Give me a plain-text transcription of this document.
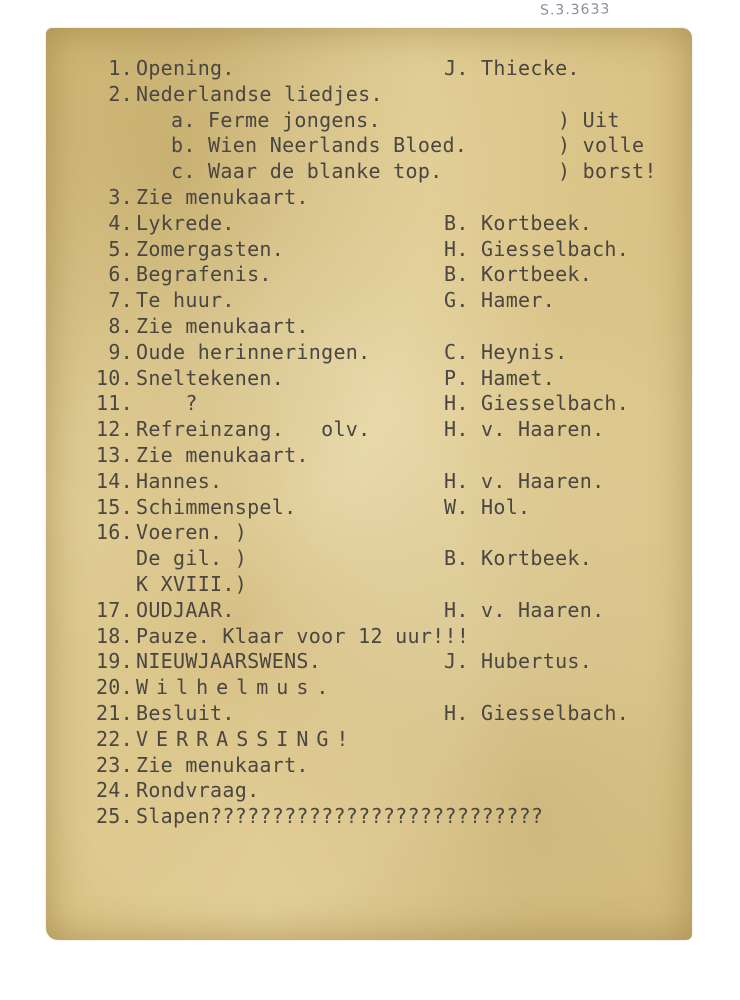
S.3.3633
1. Opening.	J. Thiecke.
2. Nederlandse liedjes.
a. Ferme jongens.	) Uit
b. Wien Neerlands Bloed.	) volle
c. Waar de blanke top.	) borst!
3. Zie menukaart.
4. Lykrede.	B. Kortbeek.
5. Zomergasten.	H. Giesselbach.
6. Begrafenis.	B. Kortbeek.
7. Te huur.	G. Hamer.
8. Zie menukaart.
9. Oude herinneringen.	C. Heynis.
10. Sneltekenen.	P. Hamet.
11. ?	H. Giesselbach.
12. Refreinzang.   olv.	H. v. Haaren.
13. Zie menukaart.
14. Hannes.	H. v. Haaren.
15. Schimmenspel.	W. Hol.
16. Voeren. )
De gil. )	B. Kortbeek.
K XVIII.)
17. OUDJAAR.	H. v. Haaren.
18. Pauze. Klaar voor 12 uur!!!
19. NIEUWJAARSWENS.	J. Hubertus.
20. Wilhelmus.
21. Besluit.	H. Giesselbach.
22. VERRASSING!
23. Zie menukaart.
24. Rondvraag.
25. Slapen???????????????????????????
